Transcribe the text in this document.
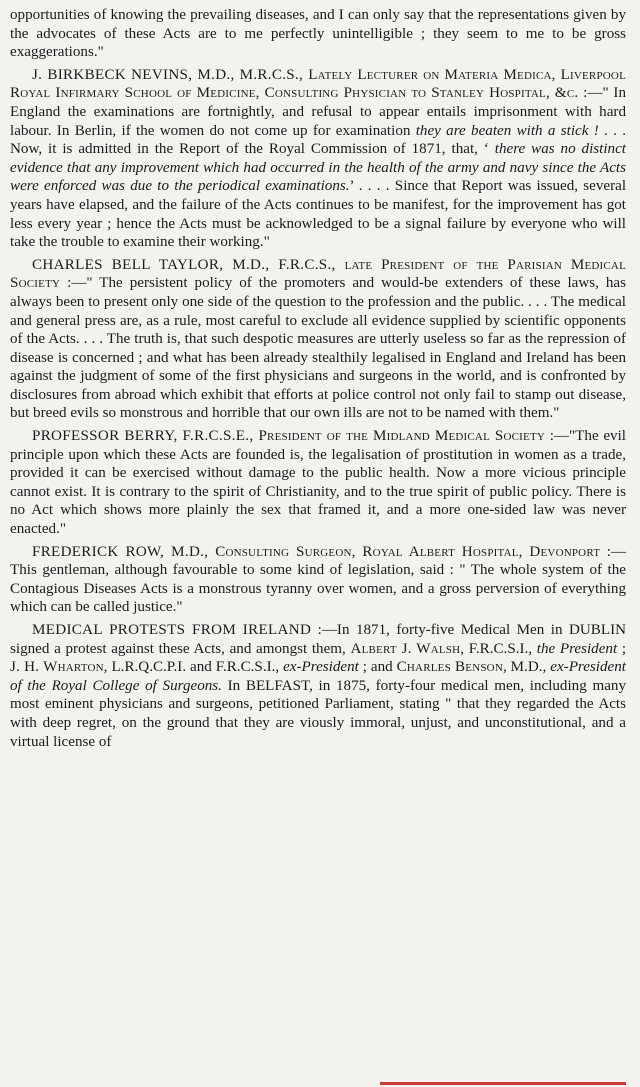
opportunities of knowing the prevailing diseases, and I can only say that the representations given by the advocates of these Acts are to me perfectly unintelligible ; they seem to me to be gross exaggerations."

J. BIRKBECK NEVINS, M.D., M.R.C.S., Lately Lecturer on Materia Medica, Liverpool Royal Infirmary School of Medicine, Consulting Physician to Stanley Hospital, &c. :—" In England the examinations are fortnightly, and refusal to appear entails imprisonment with hard labour. In Berlin, if the women do not come up for examination they are beaten with a stick ! . . . Now, it is admitted in the Report of the Royal Commission of 1871, that, ‘ there was no distinct evidence that any improvement which had occurred in the health of the army and navy since the Acts were enforced was due to the periodical examinations.’ . . . . Since that Report was issued, several years have elapsed, and the failure of the Acts continues to be manifest, for the improvement has got less every year ; hence the Acts must be acknowledged to be a signal failure by everyone who will take the trouble to examine their working."

CHARLES BELL TAYLOR, M.D., F.R.C.S., late President of the Parisian Medical Society :—" The persistent policy of the promoters and would-be extenders of these laws, has always been to present only one side of the question to the profession and the public. . . . The medical and general press are, as a rule, most careful to exclude all evidence supplied by scientific opponents of the Acts. . . . The truth is, that such despotic measures are utterly useless so far as the repression of disease is concerned ; and what has been already stealthily legalised in England and Ireland has been against the judgment of some of the first physicians and surgeons in the world, and is confronted by disclosures from abroad which exhibit that efforts at police control not only fail to stamp out disease, but breed evils so monstrous and horrible that our own ills are not to be named with them."

PROFESSOR BERRY, F.R.C.S.E., President of the Midland Medical Society :—"The evil principle upon which these Acts are founded is, the legalisation of prostitution in women as a trade, provided it can be exercised without damage to the public health. Now a more vicious principle cannot exist. It is contrary to the spirit of Christianity, and to the true spirit of public policy. There is no Act which shows more plainly the sex that framed it, and a more one-sided law was never enacted."

FREDERICK ROW, M.D., Consulting Surgeon, Royal Albert Hospital, Devonport :—This gentleman, although favourable to some kind of legislation, said : " The whole system of the Contagious Diseases Acts is a monstrous tyranny over women, and a gross perversion of everything which can be called justice."

MEDICAL PROTESTS FROM IRELAND :—In 1871, forty-five Medical Men in DUBLIN signed a protest against these Acts, and amongst them, Albert J. Walsh, F.R.C.S.I., the President ; J. H. Wharton, L.R.Q.C.P.I. and F.R.C.S.I., ex-President ; and Charles Benson, M.D., ex-President of the Royal College of Surgeons. In BELFAST, in 1875, forty-four medical men, including many most eminent physicians and surgeons, petitioned Parliament, stating " that they regarded the Acts with deep regret, on the ground that they are viously immoral, unjust, and unconstitutional, and a virtual license of
